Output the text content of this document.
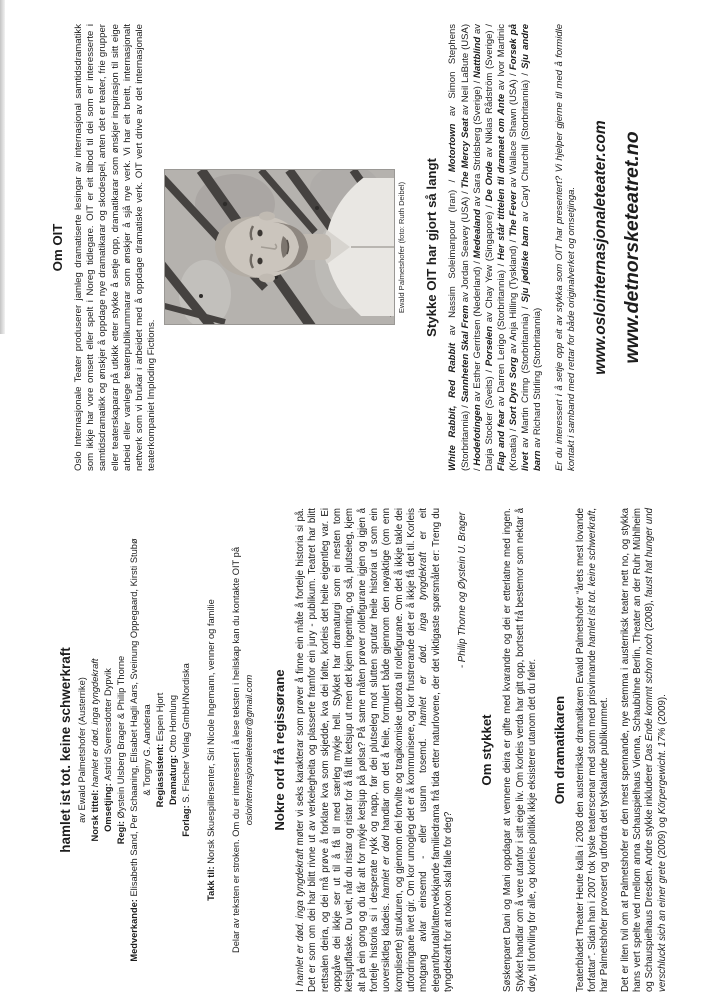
hamlet ist tot. keine schwerkraft av Ewald Palmetshofer (Austerrike) Norsk tittel: hamlet er død. inga tyngdekraft
Omsetjing: Astrid Sverresdotter Dypvik
Regi: Øystein Ulsberg Brager & Philip Thorne
Medverkande: Elisabeth Sand, Per Schaaning, Elisabet Hagli Aars, Sveinung Oppegaard, Kirsti Stubø & Torgny G. Aanderaa Regiassistent: Espen Hjort
Dramaturg: Otto Homlung
Forlag: S. Fischer Verlag GmbH/Nordiska
Takk til: Norsk Skuespillersenter, Siri Nicole Ingemann, venner og familie Delar av teksten er stroken. Om du er interessert i å lese teksten i heilskap kan du kontakte OIT på oslointernasjonaleteater@gmail.com Nokre ord frå regissørane

I hamlet er død. inga tyngdekraft møter vi seks karakterar som prøver å finne ein måte å fortelje historia si på. Det er som om dei har blitt rivne ut av verkelegheita og plasserte framfor ein jury - publikum. Teatret har blitt rettsalen deira, og dei må prøve å forklare kva som skjedde, kva dei følte, korleis det heile eigentleg var. Ei oppgåve dei ikkje ser ut til å få til med særleg mykje hell. Stykket har dramaturgi som ei nesten tom ketsjupflaske. Du veit, når du ristar og ristar for å få litt ketsjup ut men det kjem ingenting, og så, plutseleg, kjem alt på ein gong og du får alt for mykje ketsjup på pølsa? På same måten prøver rollefigurane igjen og igjen å fortelje historia si i desperate rykk og napp, før dei plutseleg mot slutten sprutar heile historia ut som ein uoversiktleg kladeis. hamlet er død handlar om det å feile, formulert både gjennom den nøyaktige (om enn kompliserte) strukturen, og gjennom dei fortvilte og tragikomiske utbrota til rollefigurane. Om det å ikkje takle dei utfordringane livet gir. Om kor umogleg det er å kommunisere, og kor frustrerande det er å ikkje få det til. Korleis motgang avlar einsemd - eller usunn tosemd. hamlet er død. inga tyngdekraft er eit elegant/brutalt/lattervekkjande familiedrama frå tida etter naturlovene, der det viktigaste spørsmålet er: Treng du tyngdekraft for at nokon skal falle for deg?

- Philip Thorne og Øystein U. Brager

Om stykket Søskenparet Dani og Mani oppdagar at vennene deira er gifte med kvarandre og dei er etterlatne med ingen. Stykket handlar om å vere utanfor i sitt eige liv. Om korleis verda har gitt opp, bortsett frå bestemor som nektar å døy, til fortviling for alle, og korleis politikk ikkje eksisterer utanom det du føler. Om dramatikaren Teaterbladet Theater Heute kalla i 2008 den austerrikske dramatikaren Ewald Palmetshofer “årets mest lovande forfattar”. Sidan han i 2007 tok tyske teaterscenar med storm med prisvinnande hamlet ist tot. keine schwerkraft, har Palmetshofer provosert og utfordra det tysktalande publikummet. Det er liten tvil om at Palmetshofer er den mest spennande, nye stemma i austerriksk teater nett no, og stykka hans vert spelte ved mellom anna Schauspielhaus Vienna, Schaubühne Berlin, Theater an der Ruhr Mühlheim og Schauspielhaus Dresden. Andre stykke inkluderer Das Ende kommt schon noch (2008), faust hat hunger und verschluckt sich an einer grete (2009) og Körpergewicht. 17% (2009).

Om OIT Oslo Internasjonale Teater produserer jamleg dramatiserte lesingar av internasjonal samtidsdramatikk som ikkje har vore omsett eller spelt i Noreg tidlegare. OIT er eit tilbod til dei som er interesserte i samtidsdramatikk og ønskjer å oppdage nye dramatikarar og skodespel, anten det er teater, frie grupper eller teaterskaparar på utkikk etter stykke å setje opp, dramatikarar som ønskjer inspirasjon til sitt eige arbeid eller vanlege teaterpublikummarar som ønskjer å sjå nye verk. Vi har eit breitt, internasjonalt nettverk som vi brukar i arbeidet med å oppdage dramatiske verk. OIT vert drive av det internasjonale teaterkompaniet Imploding Fictions.

Ewald Palmetshofer (foto: Ruth Deibel) Stykke OIT har gjort så langt

White Rabbit, Red Rabbit av Nassim Soleimanpour (Iran) / Motortown av Simon Stephens (Storbritannia) / Sannheten Skal Frem av Jordan Seavey (USA) / The Mercy Seat av Neil LaBute (USA) / Hodefotingen av Esther Gerritsen (Nederland) / Medealand av Sara Stridsberg (Sverige) / Nattblind av Darja Stocker (Sveits) / Porselen av Chay Yew (Singapore) / De Onde av Niklas Rådström (Sverige) / Flap and fear av Darren Lerigo (Storbritannia) / Her står tittelen til dramaet om Ante av Ivor Martinic (Kroatia) / Sort Dyrs Sorg av Anja Hilling (Tyskland) / The Fever av Wallace Shawn (USA) / Forsøk på livet av Martin Crimp (Storbritannia) / Sju jødiske barn av Caryl Churchill (Storbritannia) / Sju andre barn av Richard Stirling (Storbritannia) Er du interessert i å setje opp eit av stykka som OIT har presentert? Vi hjelper gjerne til med å formidle kontakt i samband med rettar for både originalverket og omsetjinga. www.oslointernasjonaleteater.com www.detnorsketeatret.no
